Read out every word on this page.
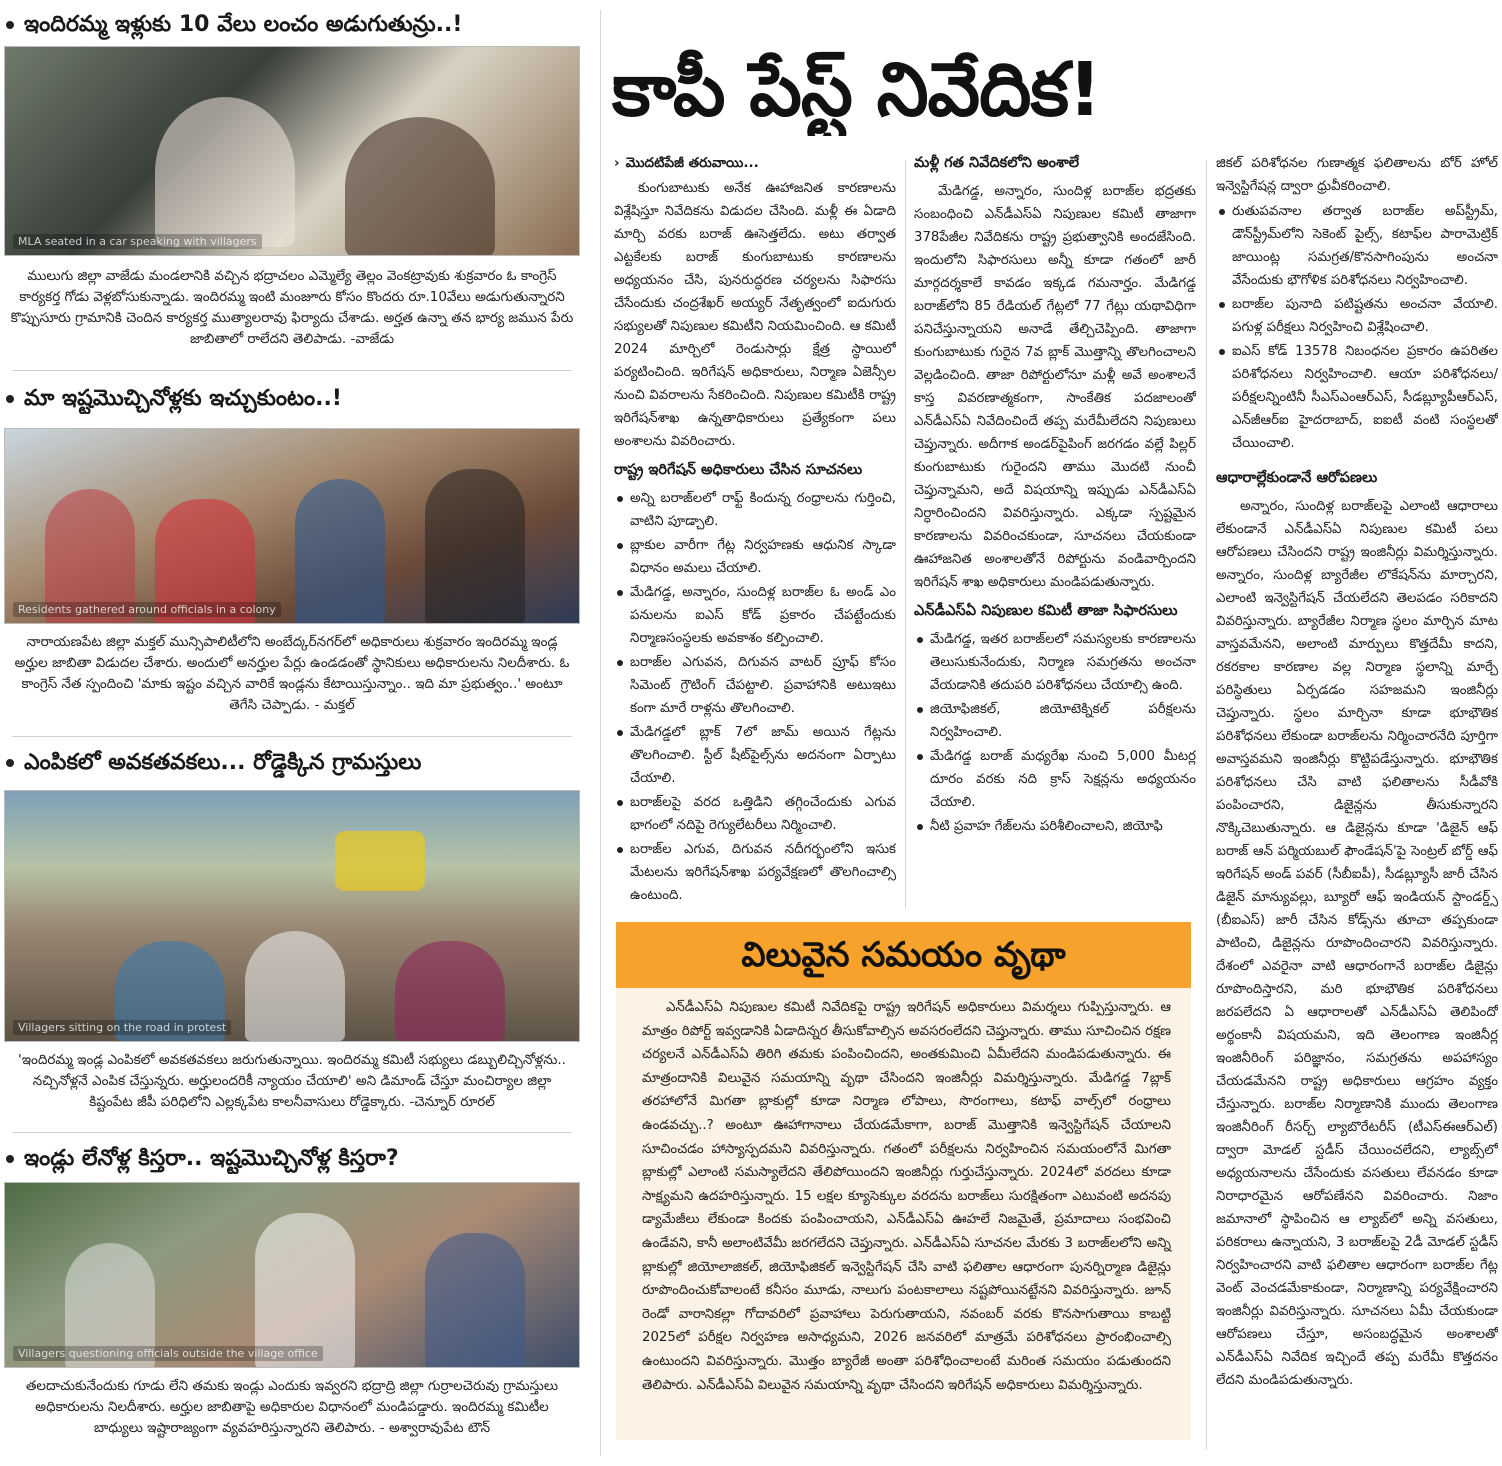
ఇందిరమ్మ ఇళ్లుకు 10 వేలు లంచం అడుగుతున్రు..!
MLA seated in a car speaking with villagers
ములుగు జిల్లా వాజేడు మండలానికి వచ్చిన భద్రాచలం ఎమ్మెల్యే తెల్లం వెంకట్రావుకు శుక్రవారం ఓ కాంగ్రెస్ కార్యకర్త గోడు వెళ్లబోసుకున్నాడు. ఇందిరమ్మ ఇంటి మంజూరు కోసం కొందరు రూ.10వేలు అడుగుతున్నారని కొప్పుసూరు గ్రామానికి చెందిన కార్యకర్త ముత్యాలరావు ఫిర్యాదు చేశాడు. అర్హత ఉన్నా తన భార్య జమున పేరు జాబితాలో రాలేదని తెలిపాడు. -వాజేడు
మా ఇష్టమొచ్చినోళ్లకు ఇచ్చుకుంటం..!
Residents gathered around officials in a colony
నారాయణపేట జిల్లా మక్తల్ మున్సిపాలిటీలోని అంబేద్కర్‌నగర్‌లో అధికారులు శుక్రవారం ఇందిరమ్మ ఇండ్ల అర్హుల జాబితా విడుదల చేశారు. అందులో అనర్హుల పేర్లు ఉండడంతో స్థానికులు అధికారులను నిలదీశారు. ఓ కాంగ్రెస్ నేత స్పందించి 'మాకు ఇష్టం వచ్చిన వారికే ఇండ్లను కేటాయిస్తున్నాం.. ఇది మా ప్రభుత్వం..' అంటూ తెగేసి చెప్పాడు. - మక్తల్
ఎంపికలో అవకతవకలు... రోడ్డెక్కిన గ్రామస్తులు
Villagers sitting on the road in protest
'ఇందిరమ్మ ఇండ్ల ఎంపికలో అవకతవకలు జరుగుతున్నాయి. ఇందిరమ్మ కమిటీ సభ్యులు డబ్బులిచ్చినోళ్లను.. నచ్చినోళ్లనే ఎంపిక చేస్తున్నరు. అర్హులందరికీ న్యాయం చేయాలి' అని డిమాండ్ చేస్తూ మంచిర్యాల జిల్లా కిష్టంపేట జీపీ పరిధిలోని ఎల్లక్కపేట కాలనీవాసులు రోడ్డెక్కారు. -చెన్నూర్ రూరల్
ఇండ్లు లేనోళ్ల కిస్తరా.. ఇష్టమొచ్చినోళ్ల కిస్తరా?
Villagers questioning officials outside the village office
తలదాచుకునేందుకు గూడు లేని తమకు ఇండ్లు ఎందుకు ఇవ్వరని భద్రాద్రి జిల్లా గుర్రాలచెరువు గ్రామస్తులు అధికారులను నిలదీశారు. అర్హుల జాబితాపై అధికారుల విధానంలో మండిపడ్డారు. ఇందిరమ్మ కమిటీల బాధ్యులు ఇష్టారాజ్యంగా వ్యవహరిస్తున్నారని తెలిపారు. - అశ్వారావుపేట టౌన్
కాపీ పేస్ట్ నివేదిక!

› మొదటిపేజీ తరువాయి...

కుంగుబాటుకు అనేక ఊహాజనిత కారణాలను విశ్లేషిస్తూ నివేదికను విడుదల చేసింది. మళ్లీ ఈ ఏడాది మార్చి వరకు బరాజ్ ఊసెత్తలేదు. అటు తర్వాత ఎట్టకేలకు బరాజ్ కుంగుబాటుకు కారణాలను అధ్యయనం చేసి, పునరుద్ధరణ చర్యలను సిఫారసు చేసేందుకు చంద్రశేఖర్ అయ్యర్ నేతృత్వంలో ఐదుగురు సభ్యులతో నిపుణుల కమిటీని నియమించింది. ఆ కమిటీ 2024 మార్చిలో రెండుసార్లు క్షేత్ర స్థాయిలో పర్యటించింది. ఇరిగేషన్ అధికారులు, నిర్మాణ ఏజెన్సీల నుంచి వివరాలను సేకరించింది. నిపుణుల కమిటీకి రాష్ట్ర ఇరిగేషన్‌శాఖ ఉన్నతాధికారులు ప్రత్యేకంగా పలు అంశాలను వివరించారు.

రాష్ట్ర ఇరిగేషన్ అధికారులు చేసిన సూచనలు

అన్ని బరాజ్‌లలో రాఫ్ట్ కిందున్న రంధ్రాలను గుర్తించి, వాటిని పూడ్చాలి.
బ్లాకుల వారీగా గేట్ల నిర్వహణకు ఆధునిక స్కాడా విధానం అమలు చేయాలి.
మేడిగడ్డ, అన్నారం, సుందిళ్ల బరాజ్‌ల ఓ అండ్ ఎం పనులను ఐఎస్ కోడ్ ప్రకారం చేపట్టేందుకు నిర్మాణసంస్థలకు అవకాశం కల్పించాలి.
బరాజ్‌ల ఎగువన, దిగువన వాటర్ ప్రూఫ్ కోసం సిమెంట్ గ్రౌటింగ్ చేపట్టాలి. ప్రవాహానికి అటుఇటు కంగా మారే రాళ్లను తొలగించాలి.
మేడిగడ్డలో బ్లాక్ 7లో జామ్ అయిన గేట్లను తొలగించాలి. స్టీల్ షీట్‌పైల్స్‌ను అదనంగా ఏర్పాటు చేయాలి.
బరాజ్‌లపై వరద ఒత్తిడిని తగ్గించేందుకు ఎగువ భాగంలో నదిపై రెగ్యులేటరీలు నిర్మించాలి.
బరాజ్‌ల ఎగువ, దిగువన నదీగర్భంలోని ఇసుక మేటలను ఇరిగేషన్‌శాఖ పర్యవేక్షణలో తొలగించాల్సి ఉంటుంది.

మళ్లీ గత నివేదికలోని అంశాలే

మేడిగడ్డ, అన్నారం, సుందిళ్ల బరాజ్‌ల భద్రతకు సంబంధించి ఎన్‌డీఎస్‌ఏ నిపుణుల కమిటీ తాజాగా 378పేజీల నివేదికను రాష్ట్ర ప్రభుత్వానికి అందజేసింది. ఇందులోని సిఫారసులు అన్నీ కూడా గతంలో జారీ మార్గదర్శకాలే కావడం ఇక్కడ గమనార్హం. మేడిగడ్డ బరాజ్‌లోని 85 రేడియల్ గేట్లలో 77 గేట్లు యథావిధిగా పనిచేస్తున్నాయని అనాడే తేల్చిచెప్పింది. తాజాగా కుంగుబాటుకు గురైన 7వ బ్లాక్ మొత్తాన్ని తొలగించాలని వెల్లడించింది. తాజా రిపోర్టులోనూ మళ్లీ అవే అంశాలనే కాస్త వివరణాత్మకంగా, సాంకేతిక పదజాలంతో ఎన్‌డీఎస్‌ఏ నివేదించిందే తప్ప మరేమీలేదని నిపుణులు చెప్తున్నారు. అదీగాక అండర్‌పైపింగ్ జరగడం వల్లే పిల్లర్ కుంగుబాటుకు గురైందని తాము మొదటి నుంచీ చెప్తున్నామని, అదే విషయాన్ని ఇప్పుడు ఎన్‌డీఎస్‌ఏ నిర్ధారించిందని వివరిస్తున్నారు. ఎక్కడా స్పష్టమైన కారణాలను వివరించకుండా, సూచనలు చేయకుండా ఊహాజనిత అంశాలతోనే రిపోర్టును వండివార్చిందని ఇరిగేషన్ శాఖ అధికారులు మండిపడుతున్నారు.

ఎన్‌డీఎస్‌ఏ నిపుణుల కమిటీ తాజా సిఫారసులు

మేడిగడ్డ, ఇతర బరాజ్‌లలో సమస్యలకు కారణాలను తెలుసుకునేందుకు, నిర్మాణ సమగ్రతను అంచనా వేయడానికి తదుపరి పరిశోధనలు చేయాల్సి ఉంది.
జియోఫిజికల్, జియోటెక్నికల్ పరీక్షలను నిర్వహించాలి.
మేడిగడ్డ బరాజ్ మధ్యరేఖ నుంచి 5,000 మీటర్ల దూరం వరకు నది క్రాస్ సెక్షన్లను అధ్యయనం చేయాలి.
నీటి ప్రవాహ గేజ్‌లను పరిశీలించాలని, జియోఫి

జికల్ పరిశోధనల గుణాత్మక ఫలితాలను బోర్ హోల్ ఇన్వెస్టిగేషన్ల ద్వారా ధ్రువీకరించాలి.

రుతుపవనాల తర్వాత బరాజ్‌ల అప్‌స్ట్రీమ్, డౌన్‌స్ట్రీమ్‌లోని సెకెంట్ పైల్స్, కటాఫ్‌ల పారామెట్రిక్ జాయింట్ల సమగ్రత/కొనసాగింపును అంచనా వేసేందుకు భౌగోళిక పరిశోధనలు నిర్వహించాలి.
బరాజ్‌ల పునాది పటిష్టతను అంచనా వేయాలి. పగుళ్ల పరీక్షలు నిర్వహించి విశ్లేషించాలి.
ఐఎస్ కోడ్ 13578 నిబంధనల ప్రకారం ఉపరితల పరిశోధనలు నిర్వహించాలి. ఆయా పరిశోధనలు/పరీక్షలన్నింటినీ సీఎస్ఎంఆర్ఎస్, సీడబ్ల్యూపీఆర్ఎస్, ఎన్‌జీఆర్‌ఐ హైదరాబాద్, ఐఐటీ వంటి సంస్థలతో చేయించాలి.

ఆధారాల్లేకుండానే ఆరోపణలు

అన్నారం, సుందిళ్ల బరాజ్‌లపై ఎలాంటి ఆధారాలు లేకుండానే ఎన్‌డీఎస్‌ఏ నిపుణుల కమిటీ పలు ఆరోపణలు చేసిందని రాష్ట్ర ఇంజినీర్లు విమర్శిస్తున్నారు. అన్నారం, సుందిళ్ల బ్యారేజీల లొకేషన్‌ను మార్చారని, ఎలాంటి ఇన్వెస్టిగేషన్ చేయలేదని తెలపడం సరికాదని వివరిస్తున్నారు. బ్యారేజీల నిర్మాణ స్థలం మార్చిన మాట వాస్తవమేనని, అలాంటి మార్పులు కొత్తదేమీ కాదని, రకరకాల కారణాల వల్ల నిర్మాణ స్థలాన్ని మార్చే పరిస్థితులు ఏర్పడడం సహజమని ఇంజినీర్లు చెప్తున్నారు. స్థలం మార్చినా కూడా భూభౌతిక పరిశోధనలు లేకుండా బరాజ్‌లను నిర్మించారనేది పూర్తిగా అవాస్తవమని ఇంజినీర్లు కొట్టిపడేస్తున్నారు. భూభౌతిక పరిశోధనలు చేసి వాటి ఫలితాలను సీడీవోకి పంపించారని, డిజైన్లను తీసుకున్నారని నొక్కిచెబుతున్నారు. ఆ డిజైన్లను కూడా 'డిజైన్ ఆఫ్ బరాజ్ ఆన్ పర్మియబుల్ ఫౌండేషన్'పై సెంట్రల్ బోర్డ్ ఆఫ్ ఇరిగేషన్ అండ్ పవర్ (సీబీఐపీ), సీడబ్ల్యూసీ జారీ చేసిన డిజైన్ మాన్యువల్లు, బ్యూరో ఆఫ్ ఇండియన్ స్టాండర్డ్స్ (బీఐఎస్) జారీ చేసిన కోడ్స్‌ను తూచా తప్పకుండా పాటించి, డిజైన్లను రూపొందించారని వివరిస్తున్నారు. దేశంలో ఎవరైనా వాటి ఆధారంగానే బరాజ్‌ల డిజైన్లు రూపొందిస్తారని, మరి భూభౌతిక పరిశోధనలు జరపలేదని ఏ ఆధారాలతో ఎన్‌డీఎస్‌ఏ తెలిపిందో అర్థంకానీ విషయమని, ఇది తెలంగాణ ఇంజినీర్ల ఇంజినీరింగ్ పరిజ్ఞానం, సమగ్రతను అపహాస్యం చేయడమేనని రాష్ట్ర అధికారులు ఆగ్రహం వ్యక్తం చేస్తున్నారు. బరాజ్‌ల నిర్మాణానికి ముందు తెలంగాణ ఇంజినీరింగ్ రీసర్చ్ ల్యాబొరేటరీస్ (టీఎస్ఈఆర్ఎల్) ద్వారా మోడల్ స్టడీస్ చేయించలేదని, ల్యాబ్స్‌లో అధ్యయనాలను చేసేందుకు వసతులు లేవనడం కూడా నిరాధారమైన ఆరోపణేనని వివరించారు. నిజాం జమానాలో స్థాపించిన ఆ ల్యాబ్‌లో అన్ని వసతులు, పరికరాలు ఉన్నాయని, 3 బరాజ్‌లపై 2డీ మోడల్ స్టడీస్ నిర్వహించారని వాటి ఫలితాల ఆధారంగా బరాజ్‌ల గేట్ల వెంట్‌ వెంచడమేకాకుండా, నిర్మాణాన్ని పర్యవేక్షించారని ఇంజినీర్లు వివరిస్తున్నారు. సూచనలు ఏమీ చేయకుండా ఆరోపణలు చేస్తూ, అసంబద్ధమైన అంశాలతో ఎన్‌డీఎస్‌ఏ నివేదిక ఇచ్చిందే తప్ప మరేమీ కొత్తదనం లేదని మండిపడుతున్నారు.

విలువైన సమయం వృథా
ఎన్‌డీఎస్‌ఏ నిపుణుల కమిటీ నివేదికపై రాష్ట్ర ఇరిగేషన్ అధికారులు విమర్శలు గుప్పిస్తున్నారు. ఆ మాత్రం రిపోర్ట్ ఇవ్వడానికి ఏడాదిన్నర తీసుకోవాల్సిన అవసరంలేదని చెప్తున్నారు. తాము సూచించిన రక్షణ చర్యలనే ఎన్‌డీఎస్‌ఏ తిరిగి తమకు పంపించిందని, అంతకుమించి ఏమీలేదని మండిపడుతున్నారు. ఈ మాత్రందానికి విలువైన సమయాన్ని వృథా చేసిందని ఇంజినీర్లు విమర్శిస్తున్నారు. మేడిగడ్డ 7బ్లాక్ తరహాలోనే మిగతా బ్లాకుల్లో కూడా నిర్మాణ లోపాలు, సొరంగాలు, కటాఫ్ వాల్స్‌లో రంధ్రాలు ఉండవచ్చు..? అంటూ ఊహాగానాలు చేయడమేకాగా, బరాజ్ మొత్తానికి ఇన్వెస్టిగేషన్ చేయాలని సూచించడం హాస్యాస్పదమని వివరిస్తున్నారు. గతంలో పరీక్షలను నిర్వహించిన సమయంలోనే మిగతా బ్లాకుల్లో ఎలాంటి సమస్యాలేదని తేలిపోయిందని ఇంజినీర్లు గుర్తుచేస్తున్నారు. 2024లో వరదలు కూడా సాక్ష్యమని ఉదహరిస్తున్నారు. 15 లక్షల క్యూసెక్కుల వరదను బరాజ్‌లు సురక్షితంగా ఎటువంటి అదనపు డ్యామేజీలు లేకుండా కిందకు పంపించాయని, ఎన్‌డీఎస్‌ఏ ఊహలే నిజమైతే, ప్రమాదాలు సంభవించి ఉండేవని, కానీ అలాంటివేమీ జరగలేదని చెప్తున్నారు. ఎన్‌డీఎస్‌ఏ సూచనల మేరకు 3 బరాజ్‌లలోని అన్ని బ్లాకుల్లో జియోలాజికల్, జియోఫిజికల్ ఇన్వెస్టిగేషన్ చేసి వాటి ఫలితాల ఆధారంగా పునర్నిర్మాణ డిజైన్లు రూపొందించుకోవాలంటే కనీసం మూడు, నాలుగు పంటకాలాలు నష్టపోయినట్టేనని వివరిస్తున్నారు. జూన్ రెండో వారానికల్లా గోదావరిలో ప్రవాహాలు పెరుగుతాయని, నవంబర్ వరకు కొనసాగుతాయి కాబట్టి 2025లో పరీక్షల నిర్వహణ అసాధ్యమని, 2026 జనవరిలో మాత్రమే పరిశోధనలు ప్రారంభించాల్సి ఉంటుందని వివరిస్తున్నారు. మొత్తం బ్యారేజీ అంతా పరిశోధించాలంటే మరింత సమయం పడుతుందని తెలిపారు. ఎన్‌డీఎస్‌ఏ విలువైన సమయాన్ని వృథా చేసిందని ఇరిగేషన్ అధికారులు విమర్శిస్తున్నారు.
